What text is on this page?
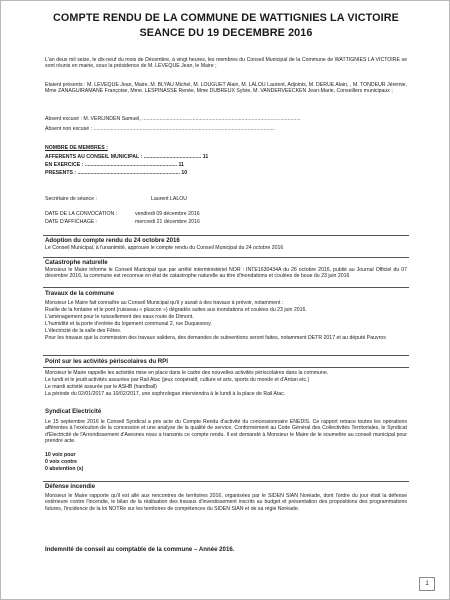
COMPTE RENDU DE LA COMMUNE DE WATTIGNIES LA VICTOIRE
SEANCE DU 19 DECEMBRE 2016
L'an deux mil seize, le dix-neuf du mois de Décembre, à vingt heures, les membres du Conseil Municipal de la Commune de WATTIGNIES LA VICTOIRE se sont réunis en mairie, sous la présidence de M. LEVEQUE Jean, le Maire ;
Etaient présents : M. LEVEQUE Jean, Maire, M. BLYAU Michel, M. LOUGUET Alain, M. LALOU Laurent, Adjoints, M. DERUE Alain, , M. TONDEUR Jérémie, Mme ZANAGUIRAMANE Françoise, Mme. LESPINASSE Renée, Mme DUBREUX Sylvie, M. VANDERVEECKEN Jean-Marie, Conseillers municipaux ;
Absent excusé : M. VERLINDEN Samuel, ..............................................................................................................
Absent non excusé : ..............................................................................................................................
NOMBRE DE MEMBRES :
AFFERENTS AU CONSEIL MUNICIPAL : ........................................ 11
EN EXERCICE : ................................................................ 11
PRESENTS : ....................................................................... 10
Secrétaire de séance :	Laurent LALOU
DATE DE LA CONVOCATION :	vendredi 09 décembre 2016
DATE D'AFFICHAGE :	mercredi 21 décembre 2016
Adoption du compte rendu du 24 octobre 2016
Le Conseil Municipal, à l'unanimité, approuve le compte rendu du Conseil Municipal du 24 octobre 2016
Catastrophe naturelle
Monsieur le Maire informe le Conseil Municipal que par arrêté interministériel NOR : INTE1630434A du 26 octobre 2016, publié au Journal Officiel du 07 décembre 2016, la commune est reconnue en état de catastrophe naturelle au titre d'inondations et coulées de boue du 23 juin 2016
Travaux de la commune
Monsieur Le Maire fait connaître au Conseil Municipal qu'il y aurait à des travaux à prévoir, notamment :
Ruelle de la fontaine et le pont (ruisseau « pluscon ») dégradés suites aux inondations et coulées du 23 juin 2016.
L'aménagement pour le ruissellement des eaux route de Dimont.
L'humidité et la porte d'entrée du logement communal 2, rue Duquesnoy.
L'électricité de la salle des Fêtes.
Pour les travaux que la commission des travaux validera, des demandes de subventions seront faites, notamment DETR 2017 et au député Pauvros
Point sur les activités périscolaires du RPI
Monsieur le Maire rappelle les activités mise en place dans le cadre des nouvelles activités périscolaires dans la commune.
Le lundi et le jeudi activités assurées par Rail Atac (jeux coopératif, culture et arts, sports du monde et d'Antan etc.)
Le mardi activité assurée par le ASHB (handball)
La période du 02/01/2017 au 10/02/2017, une sophrologue interviendra à le lundi à la place de Rail Atac.
Syndicat Electricité
Le 15 septembre 2016 le Conseil Syndical a pris acte du Compte Rendu d'activité du concessionnaire ENEDIS. Ce rapport retrace toutes les opérations afférentes à l'exécution de la concession et une analyse de la qualité de service. Conformément au Code Général des Collectivités Territoriales, le Syndicat d'Electricité de l'Arrondissement d'Avesnes nous a transmis ce compte rendu. Il est demandé à Monsieur le Maire de le soumettre au conseil municipal pour prendre acte.
10 voix pour
0 voix contre
0 abstention (s)
Défense incendie
Monsieur le Maire rapporte qu'il est allé aux rencontres de territoires 2016, organisées par le SIDEN SIAN Noréade, dont l'ordre du jour était la défense extérieure contre l'incendie, le bilan de la réalisation des travaux d'investissement inscrits au budget et présentation des propositions des programmations futures, l'incidence de la loi NOTRe sur les territoires de compétences du SIDEN SIAN et de sa régie Noréade.
Indemnité de conseil au comptable de la commune – Année 2016.
1
